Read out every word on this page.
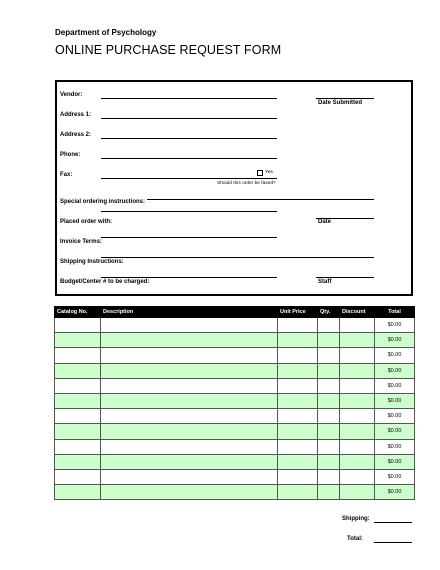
Department of Psychology
ONLINE PURCHASE REQUEST FORM
Vendor:
Date Submitted
Address 1:
Address 2:
Phone:
Fax:	Yes
Should this order be faxed?
Special ordering instructions:
Placed order with:	Date
Invoice Terms:
Shipping Instructions:
Budget/Center # to be charged:	Staff
Catalog No.	Description	Unit Price	Qty.	Discount	Total
					$0.00
					$0.00
					$0.00
					$0.00
					$0.00
					$0.00
					$0.00
					$0.00
					$0.00
					$0.00
					$0.00
					$0.00
Shipping:
Total:
